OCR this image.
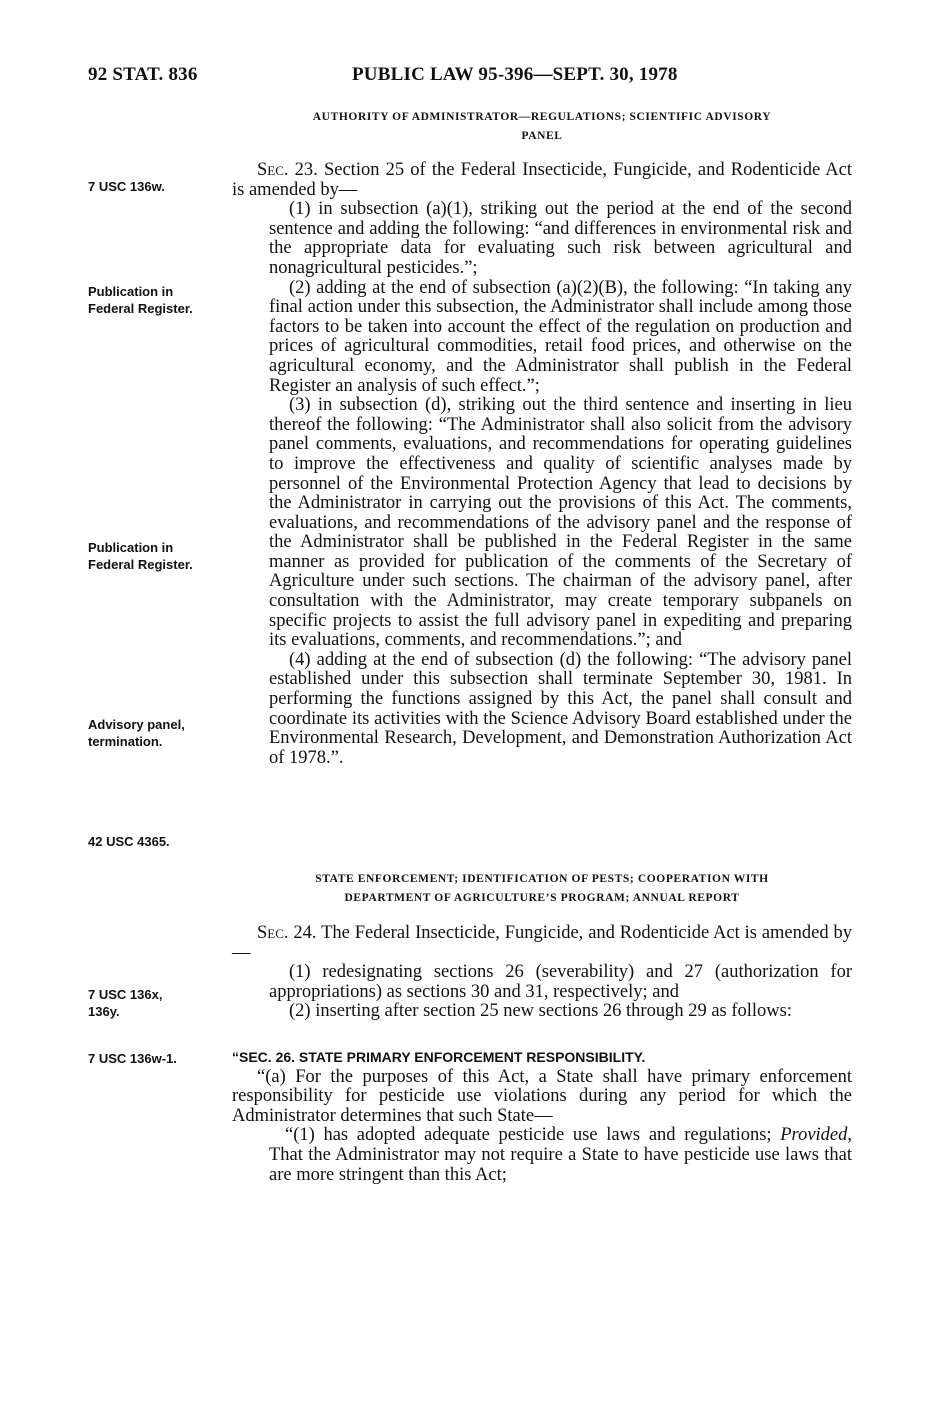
92 STAT. 836	PUBLIC LAW 95-396—SEPT. 30, 1978
7 USC 136w.
Publication in
Federal Register.
Publication in
Federal Register.
Advisory panel,
termination.
42 USC 4365.
7 USC 136x,
136y.
7 USC 136w-1.
AUTHORITY OF ADMINISTRATOR—REGULATIONS; SCIENTIFIC ADVISORY
PANEL

Sec. 23. Section 25 of the Federal Insecticide, Fungicide, and Rodenticide Act is amended by—

(1) in subsection (a)(1), striking out the period at the end of the second sentence and adding the following: “and differences in environmental risk and the appropriate data for evaluating such risk between agricultural and nonagricultural pesticides.”;

(2) adding at the end of subsection (a)(2)(B), the following: “In taking any final action under this subsection, the Administrator shall include among those factors to be taken into account the effect of the regulation on production and prices of agricultural commodities, retail food prices, and otherwise on the agricultural economy, and the Administrator shall publish in the Federal Register an analysis of such effect.”;

(3) in subsection (d), striking out the third sentence and inserting in lieu thereof the following: “The Administrator shall also solicit from the advisory panel comments, evaluations, and recommendations for operating guidelines to improve the effectiveness and quality of scientific analyses made by personnel of the Environmental Protection Agency that lead to decisions by the Administrator in carrying out the provisions of this Act. The comments, evaluations, and recommendations of the advisory panel and the response of the Administrator shall be published in the Federal Register in the same manner as provided for publication of the comments of the Secretary of Agriculture under such sections. The chairman of the advisory panel, after consultation with the Administrator, may create temporary subpanels on specific projects to assist the full advisory panel in expediting and preparing its evaluations, comments, and recommendations.”; and

(4) adding at the end of subsection (d) the following: “The advisory panel established under this subsection shall terminate September 30, 1981. In performing the functions assigned by this Act, the panel shall consult and coordinate its activities with the Science Advisory Board established under the Environmental Research, Development, and Demonstration Authorization Act of 1978.”.

STATE ENFORCEMENT; IDENTIFICATION OF PESTS; COOPERATION WITH
DEPARTMENT OF AGRICULTURE’S PROGRAM; ANNUAL REPORT

Sec. 24. The Federal Insecticide, Fungicide, and Rodenticide Act is amended by—

(1) redesignating sections 26 (severability) and 27 (authorization for appropriations) as sections 30 and 31, respectively; and

(2) inserting after section 25 new sections 26 through 29 as follows:

“SEC. 26. STATE PRIMARY ENFORCEMENT RESPONSIBILITY.

“(a) For the purposes of this Act, a State shall have primary enforcement responsibility for pesticide use violations during any period for which the Administrator determines that such State—

“(1) has adopted adequate pesticide use laws and regulations; Provided, That the Administrator may not require a State to have pesticide use laws that are more stringent than this Act;
